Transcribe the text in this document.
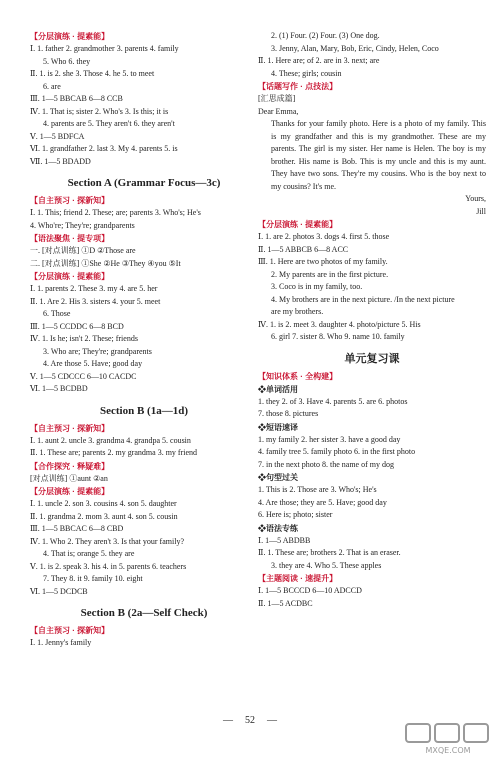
【分层演练 · 提素能】
Ⅰ. 1. father 2. grandmother 3. parents 4. family
5. Who 6. they
Ⅱ. 1. is 2. she 3. Those 4. he 5. to meet
6. are
Ⅲ. 1—5 BBCAB 6—8 CCB
Ⅳ. 1. That is; sister 2. Who's 3. Is this; it is
4. parents are 5. They aren't 6. they aren't
Ⅴ. 1—5 BDFCA
Ⅵ. 1. grandfather 2. last 3. My 4. parents 5. is
Ⅶ. 1—5 BDADD
Section A (Grammar Focus—3c)
【自主预习 · 探新知】
Ⅰ. 1. This; friend 2. These; are; parents 3. Who's; He's
4. Who're; They're; grandparents
【语法聚焦 · 提专项】
一. [对点训练] ①D ②Those are
二. [对点训练] ①She ②He ③They ④you ⑤It
【分层演练 · 提素能】
Ⅰ. 1. parents 2. These 3. my 4. are 5. her
Ⅱ. 1. Are 2. His 3. sisters 4. your 5. meet
6. Those
Ⅲ. 1—5 CCDDC 6—8 BCD
Ⅳ. 1. Is he; isn't 2. These; friends
3. Who are; They're; grandparents
4. Are those 5. Have; good day
Ⅴ. 1—5 CDCCC 6—10 CACDC
Ⅵ. 1—5 BCDBD
Section B (1a—1d)
【自主预习 · 探新知】
Ⅰ. 1. aunt 2. uncle 3. grandma 4. grandpa 5. cousin
Ⅱ. 1. These are; parents 2. my grandma 3. my friend
【合作探究 · 释疑难】
[对点训练] ①aunt ②an
【分层演练 · 提素能】
Ⅰ. 1. uncle 2. son 3. cousins 4. son 5. daughter
Ⅱ. 1. grandma 2. mom 3. aunt 4. son 5. cousin
Ⅲ. 1—5 BBCAC 6—8 CBD
Ⅳ. 1. Who 2. They aren't 3. Is that your family?
4. That is; orange 5. they are
Ⅴ. 1. is 2. speak 3. his 4. in 5. parents 6. teachers
7. They 8. it 9. family 10. eight
Ⅵ. 1—5 DCDCB
Section B (2a—Self Check)
【自主预习 · 探新知】
Ⅰ. 1. Jenny's family
2. (1) Four. (2) Four. (3) One dog.
3. Jenny, Alan, Mary, Bob, Eric, Cindy, Helen, Coco
Ⅱ. 1. Here are; of 2. are in 3. next; are
4. These; girls; cousin
【话题写作 · 点技法】
[汇思成篇]
Dear Emma,
Thanks for your family photo. Here is a photo of my family. This is my grandfather and this is my grandmother. These are my parents. The girl is my sister. Her name is Helen. The boy is my brother. His name is Bob. This is my uncle and this is my aunt. They have two sons. They're my cousins. Who is the boy next to my cousins? It's me.
Yours,
Jill
【分层演练 · 提素能】
Ⅰ. 1. are 2. photos 3. dogs 4. first 5. those
Ⅱ. 1—5 ABBCB 6—8 ACC
Ⅲ. 1. Here are two photos of my family.
2. My parents are in the first picture.
3. Coco is in my family, too.
4. My brothers are in the next picture. /In the next picture
are my brothers.
Ⅳ. 1. is 2. meet 3. daughter 4. photo/picture 5. His
6. girl 7. sister 8. Who 9. name 10. family
单元复习课
【知识体系 · 全构建】
❖单词活用
1. they 2. of 3. Have 4. parents 5. are 6. photos
7. those 8. pictures
❖短语速译
1. my family 2. her sister 3. have a good day
4. family tree 5. family photo 6. in the first photo
7. in the next photo 8. the name of my dog
❖句型过关
1. This is 2. Those are 3. Who's; He's
4. Are those; they are 5. Have; good day
6. Here is; photo; sister
❖语法专练
Ⅰ. 1—5 ABDBB
Ⅱ. 1. These are; brothers 2. That is an eraser.
3. they are 4. Who 5. These apples
【主题阅读 · 速提升】
Ⅰ. 1—5 BCCCD 6—10 ADCCD
Ⅱ. 1—5 ACDBC
— 52 —
MXQE.COM
